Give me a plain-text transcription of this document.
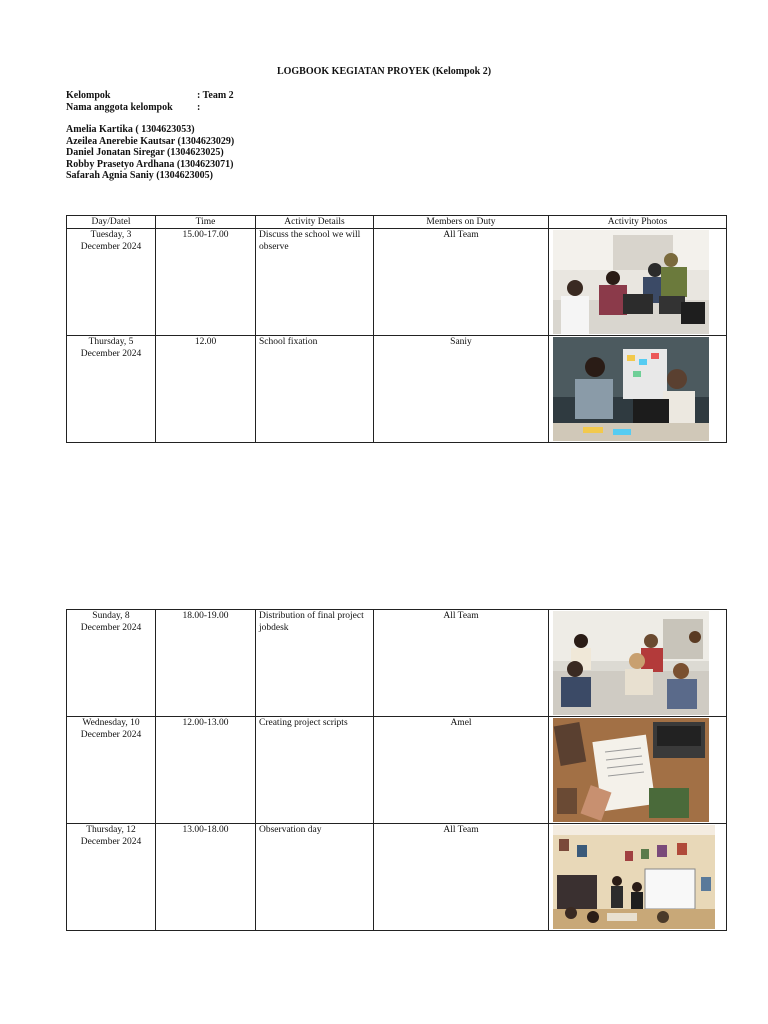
LOGBOOK KEGIATAN PROYEK (Kelompok 2)
Kelompok	: Team 2
Nama anggota kelompok	:
Amelia Kartika ( 1304623053)
Azeilea Anerebie Kautsar (1304623029)
Daniel Jonatan Siregar (1304623025)
Robby Prasetyo Ardhana (1304623071)
Safarah Agnia Saniy (1304623005)
Day/Datel	Time	Activity Details	Members on Duty	Activity Photos

Tuesday, 3
December 2024	15.00-17.00	Discuss the school we will observe	All Team	

Thursday, 5
December 2024	12.00	School fixation	Saniy	
Sunday, 8
December 2024	18.00-19.00	Distribution of final project jobdesk	All Team	

Wednesday, 10
December 2024	12.00-13.00	Creating project scripts	Amel	

Thursday, 12
December 2024	13.00-18.00	Observation day	All Team	
